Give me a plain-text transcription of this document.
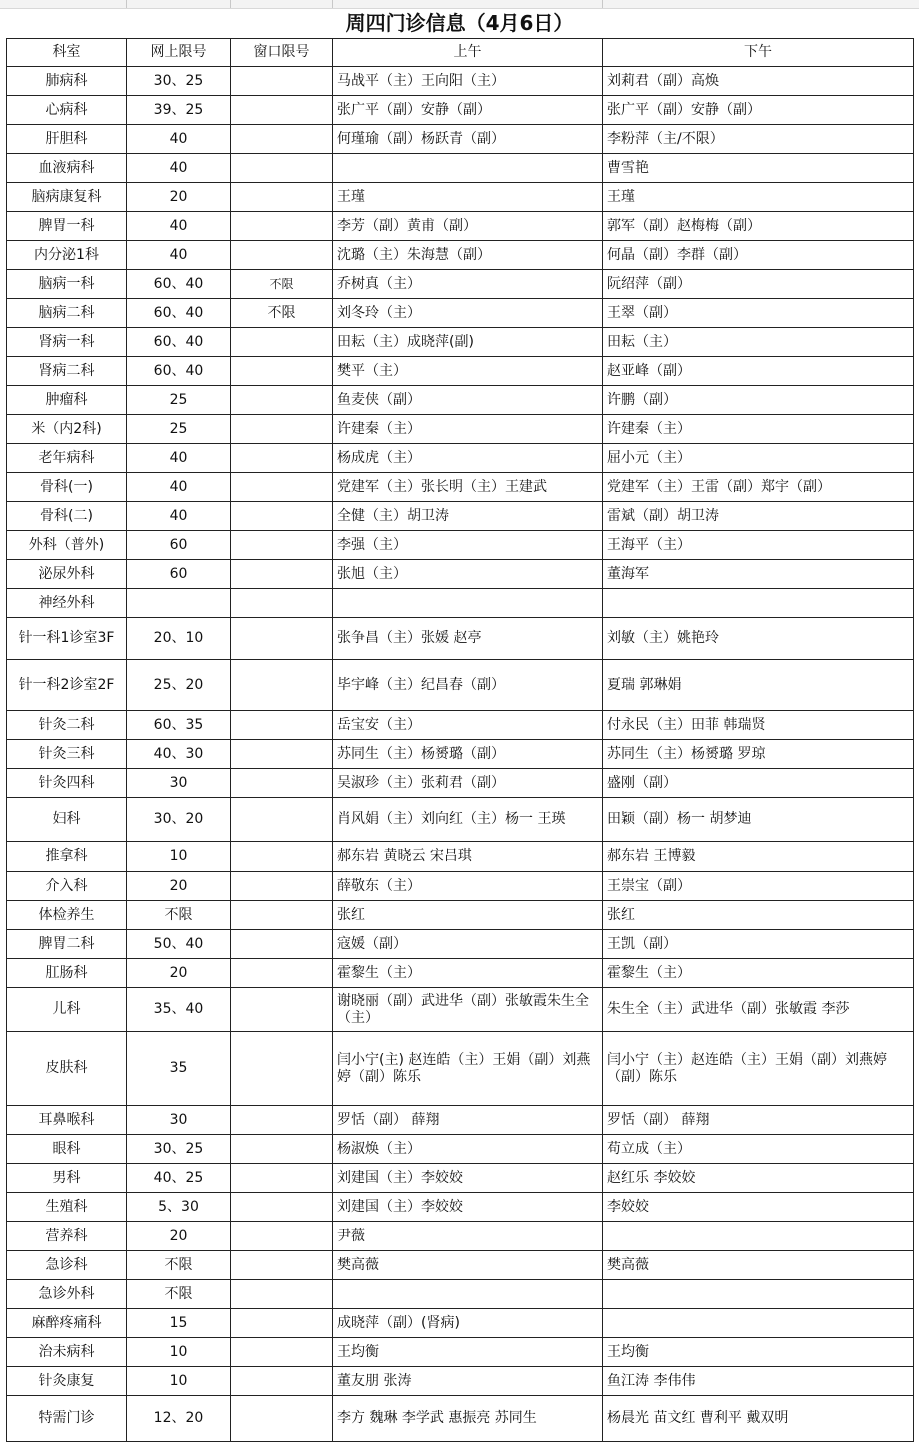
周四门诊信息（4月6日）
科室	网上限号	窗口限号	上午	下午
肺病科	30、25		马战平（主）王向阳（主）	刘莉君（副）高焕
心病科	39、25		张广平（副）安静（副）	张广平（副）安静（副）
肝胆科	40		何瑾瑜（副）杨跃青（副）	李粉萍（主/不限）
血液病科	40			曹雪艳
脑病康复科	20		王瑾	王瑾
脾胃一科	40		李芳（副）黄甫（副）	郭军（副）赵梅梅（副）
内分泌1科	40		沈璐（主）朱海慧（副）	何晶（副）李群（副）
脑病一科	60、40	不限	乔树真（主）	阮绍萍（副）
脑病二科	60、40	不限	刘冬玲（主）	王翠（副）
肾病一科	60、40		田耘（主）成晓萍(副)	田耘（主）
肾病二科	60、40		樊平（主）	赵亚峰（副）
肿瘤科	25		鱼麦侠（副）	许鹏（副）
米（内2科)	25		许建秦（主）	许建秦（主）
老年病科	40		杨成虎（主）	屈小元（主）
骨科(一)	40		党建军（主）张长明（主）王建武	党建军（主）王雷（副）郑宇（副）
骨科(二)	40		全健（主）胡卫涛	雷斌（副）胡卫涛
外科（普外)	60		李强（主）	王海平（主）
泌尿外科	60		张旭（主）	董海军
神经外科				
针一科1诊室3F	20、10		张争昌（主）张媛 赵亭	刘敏（主）姚艳玲
针一科2诊室2F	25、20		毕宇峰（主）纪昌春（副）	夏瑞 郭琳娟
针灸二科	60、35		岳宝安（主）	付永民（主）田菲 韩瑞贤
针灸三科	40、30		苏同生（主）杨赟璐（副）	苏同生（主）杨赟璐 罗琼
针灸四科	30		吴淑珍（主）张莉君（副）	盛刚（副）
妇科	30、20		肖风娟（主）刘向红（主）杨一 王瑛	田颖（副）杨一 胡梦迪
推拿科	10		郝东岩 黄晓云 宋吕琪	郝东岩 王博毅
介入科	20		薛敬东（主）	王崇宝（副）
体检养生	不限		张红	张红
脾胃二科	50、40		寇媛（副）	王凯（副）
肛肠科	20		霍黎生（主）	霍黎生（主）
儿科	35、40		谢晓丽（副）武进华（副）张敏霞朱生全（主）	朱生全（主）武进华（副）张敏霞 李莎
皮肤科	35		闫小宁(主) 赵连皓（主）王娟（副）刘燕婷（副）陈乐	闫小宁（主）赵连皓（主）王娟（副）刘燕婷（副）陈乐
耳鼻喉科	30		罗恬（副） 薛翔	罗恬（副） 薛翔
眼科	30、25		杨淑焕（主）	苟立成（主）
男科	40、25		刘建国（主）李姣姣	赵红乐 李姣姣
生殖科	5、30		刘建国（主）李姣姣	李姣姣
营养科	20		尹薇	
急诊科	不限		樊高薇	樊高薇
急诊外科	不限			
麻醉疼痛科	15		成晓萍（副）(肾病)	
治未病科	10		王均衡	王均衡
针灸康复	10		董友朋 张涛	鱼江涛 李伟伟
特需门诊	12、20		李方 魏琳 李学武 惠振亮 苏同生	杨晨光 苗文红 曹利平 戴双明
